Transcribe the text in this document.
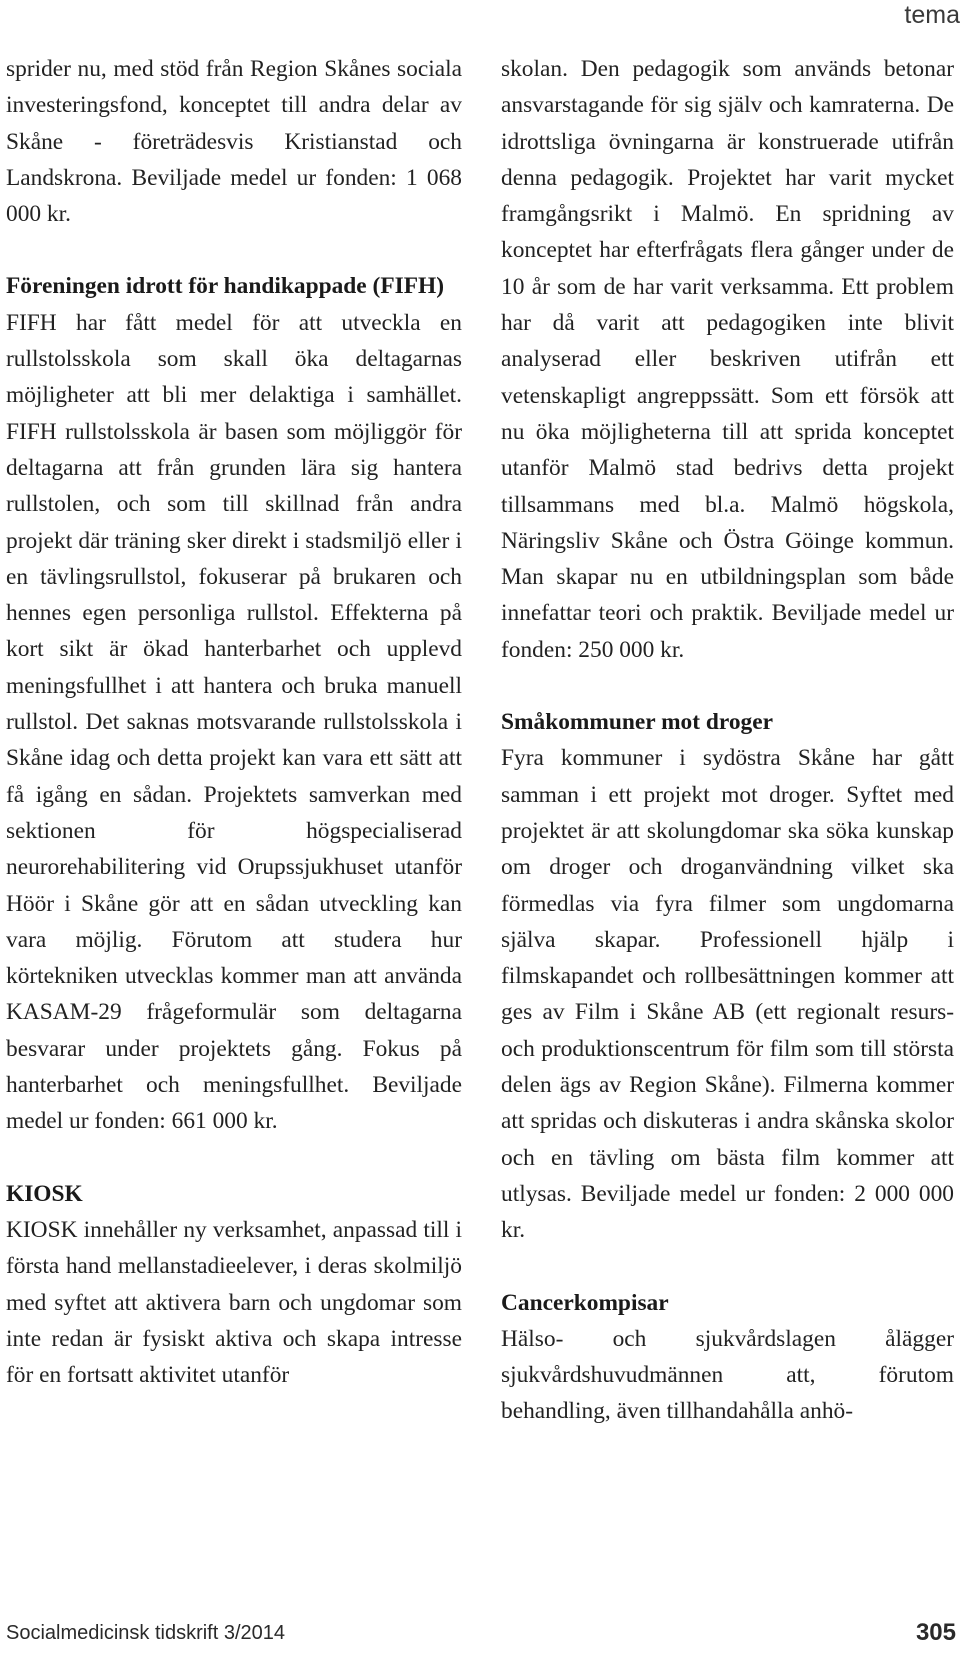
tema

sprider nu, med stöd från Region Skånes sociala investeringsfond, konceptet till andra delar av Skåne - företrädesvis Kristianstad och Landskrona. Beviljade medel ur fonden: 1 068 000 kr.

Föreningen idrott för handikappade (FIFH)

FIFH har fått medel för att utveckla en rullstolsskola som skall öka deltagarnas möjligheter att bli mer delaktiga i samhället. FIFH rullstolsskola är basen som möjliggör för deltagarna att från grunden lära sig hantera rullstolen, och som till skillnad från andra projekt där träning sker direkt i stadsmiljö eller i en tävlingsrullstol, fokuserar på brukaren och hennes egen personliga rullstol. Effekterna på kort sikt är ökad hanterbarhet och upplevd meningsfullhet i att hantera och bruka manuell rullstol. Det saknas motsvarande rullstolsskola i Skåne idag och detta projekt kan vara ett sätt att få igång en sådan. Projektets samverkan med sektionen för högspecialiserad neurorehabilitering vid Orupssjukhuset utanför Höör i Skåne gör att en sådan utveckling kan vara möjlig. Förutom att studera hur körtekniken utvecklas kommer man att använda KASAM-29 frågeformulär som deltagarna besvarar under projektets gång. Fokus på hanterbarhet och meningsfullhet. Beviljade medel ur fonden: 661 000 kr.

KIOSK

KIOSK innehåller ny verksamhet, anpassad till i första hand mellanstadieelever, i deras skolmiljö med syftet att aktivera barn och ungdomar som inte redan är fysiskt aktiva och skapa intresse för en fortsatt aktivitet utanför

skolan. Den pedagogik som används betonar ansvarstagande för sig själv och kamraterna. De idrottsliga övningarna är konstruerade utifrån denna pedagogik. Projektet har varit mycket framgångsrikt i Malmö. En spridning av konceptet har efterfrågats flera gånger under de 10 år som de har varit verksamma. Ett problem har då varit att pedagogiken inte blivit analyserad eller beskriven utifrån ett vetenskapligt angreppssätt. Som ett försök att nu öka möjligheterna till att sprida konceptet utanför Malmö stad bedrivs detta projekt tillsammans med bl.a. Malmö högskola, Näringsliv Skåne och Östra Göinge kommun. Man skapar nu en utbildningsplan som både innefattar teori och praktik. Beviljade medel ur fonden: 250 000 kr.

Småkommuner mot droger

Fyra kommuner i sydöstra Skåne har gått samman i ett projekt mot droger. Syftet med projektet är att skolungdomar ska söka kunskap om droger och droganvändning vilket ska förmedlas via fyra filmer som ungdomarna själva skapar. Professionell hjälp i filmskapandet och rollbesättningen kommer att ges av Film i Skåne AB (ett regionalt resurs- och produktionscentrum för film som till största delen ägs av Region Skåne). Filmerna kommer att spridas och diskuteras i andra skånska skolor och en tävling om bästa film kommer att utlysas. Beviljade medel ur fonden: 2 000 000 kr.

Cancerkompisar

Hälso- och sjukvårdslagen ålägger sjukvårdshuvudmännen att, förutom behandling, även tillhandahålla anhö-

Socialmedicinsk tidskrift 3/2014	305
